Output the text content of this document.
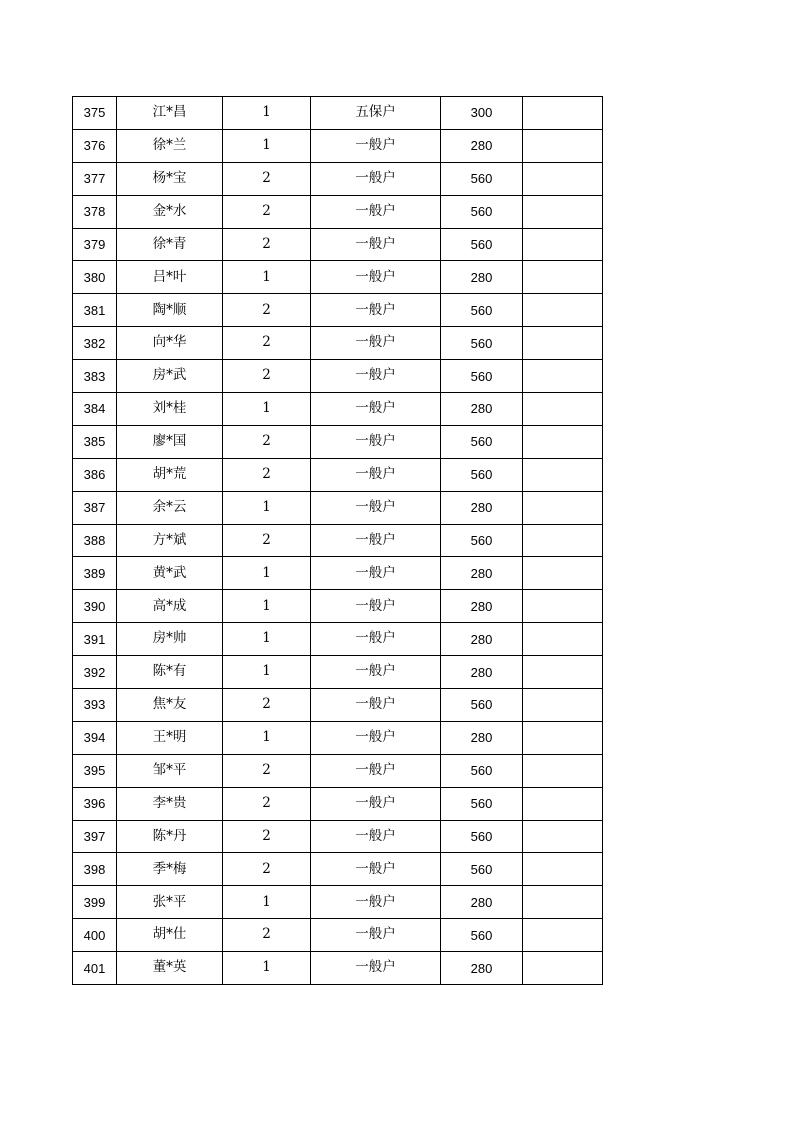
375	江*昌	1	五保户	300	
376	徐*兰	1	一般户	280	
377	杨*宝	2	一般户	560	
378	金*水	2	一般户	560	
379	徐*青	2	一般户	560	
380	吕*叶	1	一般户	280	
381	陶*顺	2	一般户	560	
382	向*华	2	一般户	560	
383	房*武	2	一般户	560	
384	刘*桂	1	一般户	280	
385	廖*国	2	一般户	560	
386	胡*荒	2	一般户	560	
387	余*云	1	一般户	280	
388	方*斌	2	一般户	560	
389	黄*武	1	一般户	280	
390	高*成	1	一般户	280	
391	房*帅	1	一般户	280	
392	陈*有	1	一般户	280	
393	焦*友	2	一般户	560	
394	王*明	1	一般户	280	
395	邹*平	2	一般户	560	
396	李*贵	2	一般户	560	
397	陈*丹	2	一般户	560	
398	季*梅	2	一般户	560	
399	张*平	1	一般户	280	
400	胡*仕	2	一般户	560	
401	董*英	1	一般户	280	
